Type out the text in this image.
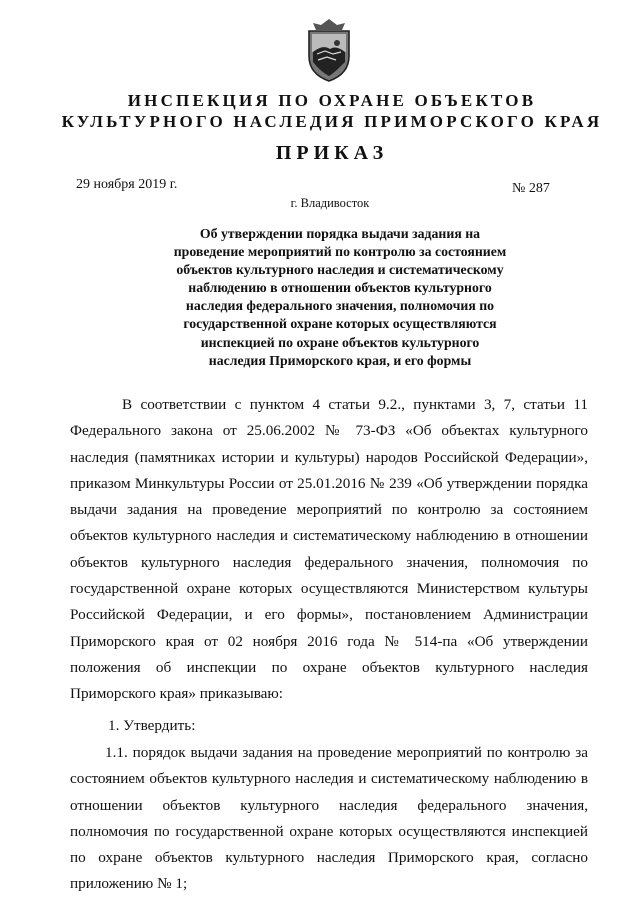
ИНСПЕКЦИЯ ПО ОХРАНЕ ОБЪЕКТОВ
КУЛЬТУРНОГО НАСЛЕДИЯ ПРИМОРСКОГО КРАЯ
ПРИКАЗ
29 ноября 2019 г.
г. Владивосток
№ 287
Об утверждении порядка выдачи задания на
проведение мероприятий по контролю за состоянием
объектов культурного наследия и систематическому
наблюдению в отношении объектов культурного
наследия федерального значения, полномочия по
государственной охране которых осуществляются
инспекцией по охране объектов культурного
наследия Приморского края, и его формы
В соответствии с пунктом 4 статьи 9.2., пунктами 3, 7, статьи 11 Федерального закона от 25.06.2002 № 73-ФЗ «Об объектах культурного наследия (памятниках истории и культуры) народов Российской Федерации», приказом Минкультуры России от 25.01.2016 № 239 «Об утверждении порядка выдачи задания на проведение мероприятий по контролю за состоянием объектов культурного наследия и систематическому наблюдению в отношении объектов культурного наследия федерального значения, полномочия по государственной охране которых осуществляются Министерством культуры Российской Федерации, и его формы», постановлением Администрации Приморского края от 02 ноября 2016 года № 514-па «Об утверждении положения об инспекции по охране объектов культурного наследия Приморского края» приказываю:
1. Утвердить:
1.1. порядок выдачи задания на проведение мероприятий по контролю за состоянием объектов культурного наследия и систематическому наблюдению в отношении объектов культурного наследия федерального значения, полномочия по государственной охране которых осуществляются инспекцией по охране объектов культурного наследия Приморского края, согласно приложению № 1;
